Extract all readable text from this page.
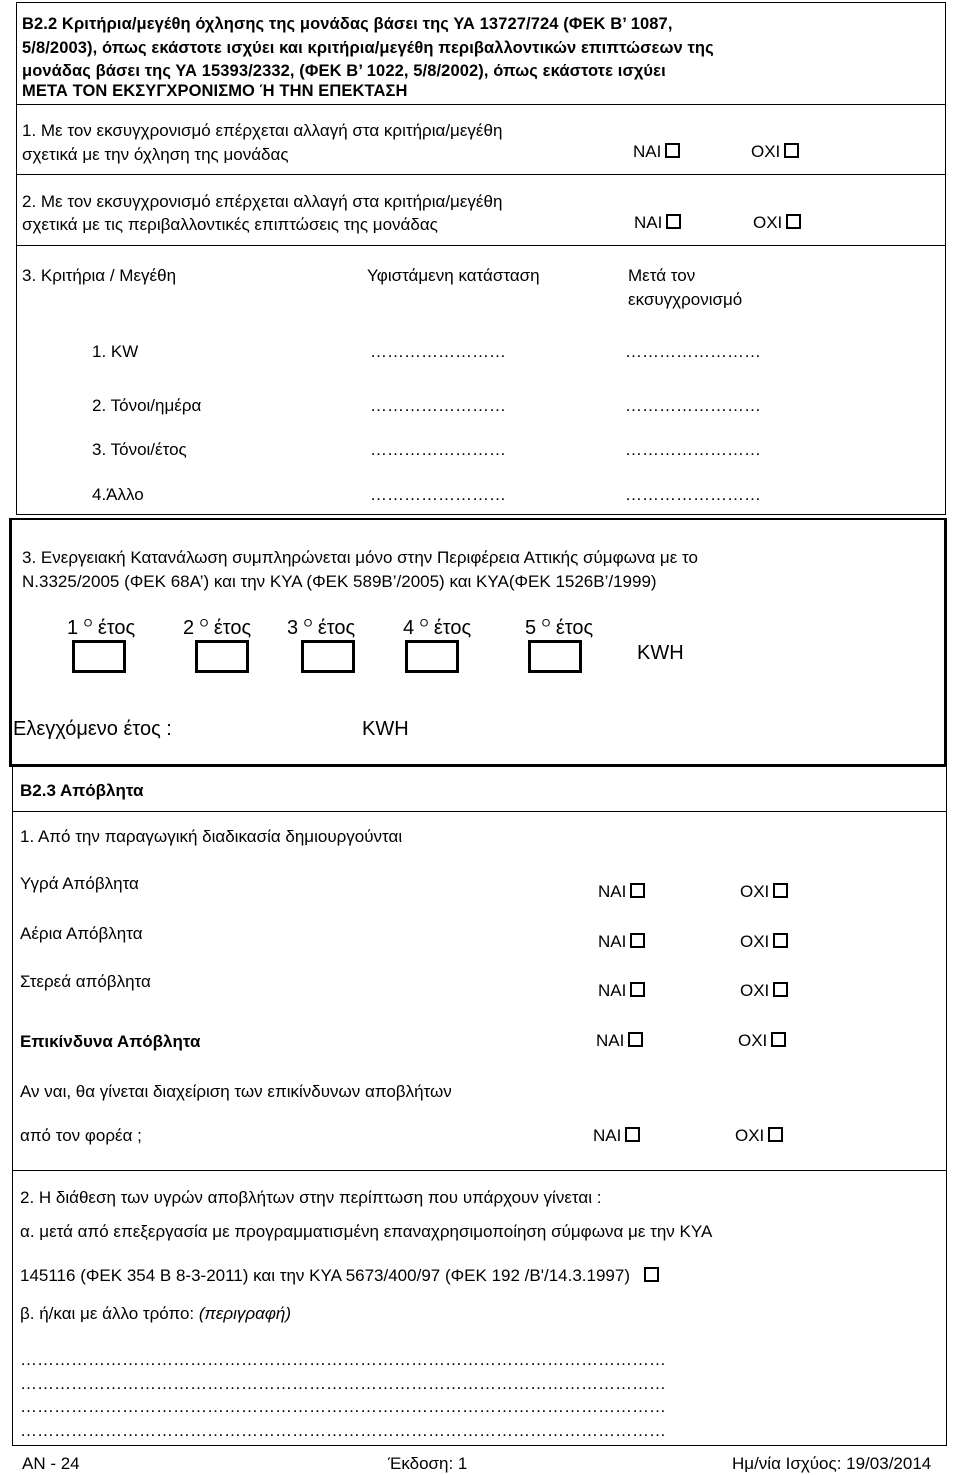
Β2.2 Κριτήρια/μεγέθη όχλησης της μονάδας βάσει της ΥΑ 13727/724 (ΦΕΚ Β’ 1087,
5/8/2003), όπως εκάστοτε ισχύει και κριτήρια/μεγέθη περιβαλλοντικών επιπτώσεων της
μονάδας βάσει της ΥΑ 15393/2332, (ΦΕΚ Β’ 1022, 5/8/2002), όπως εκάστοτε ισχύει
ΜΕΤΑ ΤΟΝ ΕΚΣΥΓΧΡΟΝΙΣΜΟ Ή ΤΗΝ ΕΠΕΚΤΑΣΗ
1. Με τον εκσυγχρονισμό επέρχεται αλλαγή στα κριτήρια/μεγέθη
σχετικά με την όχληση της μονάδας	ΝΑΙ	ΟΧΙ
2. Με τον εκσυγχρονισμό επέρχεται αλλαγή στα κριτήρια/μεγέθη
σχετικά με τις περιβαλλοντικές επιπτώσεις της μονάδας	ΝΑΙ	ΟΧΙ
3. Κριτήρια / Μεγέθη	Υφιστάμενη κατάσταση	Μετά τον
εκσυγχρονισμό
1. KW	……………………	……………………
2. Τόνοι/ημέρα	……………………	……………………
3. Τόνοι/έτος	……………………	……………………
4.Άλλο	……………………	……………………
3. Ενεργειακή Κατανάλωση συμπληρώνεται μόνο στην Περιφέρεια Αττικής σύμφωνα με το
Ν.3325/2005 (ΦΕΚ 68Α’) και την ΚΥΑ (ΦΕΚ 589Β’/2005) και ΚΥΑ(ΦΕΚ 1526Β’/1999)
1 $^O$ έτος 2 $^O$ έτος 3 $^O$ έτος 4 $^O$ έτος	5 $^O$ έτος
KWH
Ελεγχόμενο έτος :	KWH
Β2.3 Απόβλητα
1. Από την παραγωγική διαδικασία δημιουργούνται
Υγρά Απόβλητα	ΝΑΙ	ΟΧΙ
Αέρια Απόβλητα	ΝΑΙ	ΟΧΙ
Στερεά απόβλητα	ΝΑΙ	ΟΧΙ
Επικίνδυνα Απόβλητα	ΝΑΙ	ΟΧΙ
Αν ναι, θα γίνεται διαχείριση των επικίνδυνων αποβλήτων
από τον φορέα ;	ΝΑΙ	ΟΧΙ
2. Η διάθεση των υγρών αποβλήτων στην περίπτωση που υπάρχουν γίνεται :
α. μετά από επεξεργασία με προγραμματισμένη επαναχρησιμοποίηση σύμφωνα με την ΚΥΑ
145116 (ΦΕΚ 354 Β 8-3-2011) και την ΚΥΑ 5673/400/97 (ΦΕΚ 192 /Β'/14.3.1997)
β. ή/και με άλλο τρόπο: (περιγραφή)
……………………………………………………………………………………………………
……………………………………………………………………………………………………
……………………………………………………………………………………………………
……………………………………………………………………………………………………
ΑΝ - 24	Έκδοση: 1	Ημ/νία Ισχύος: 19/03/2014
